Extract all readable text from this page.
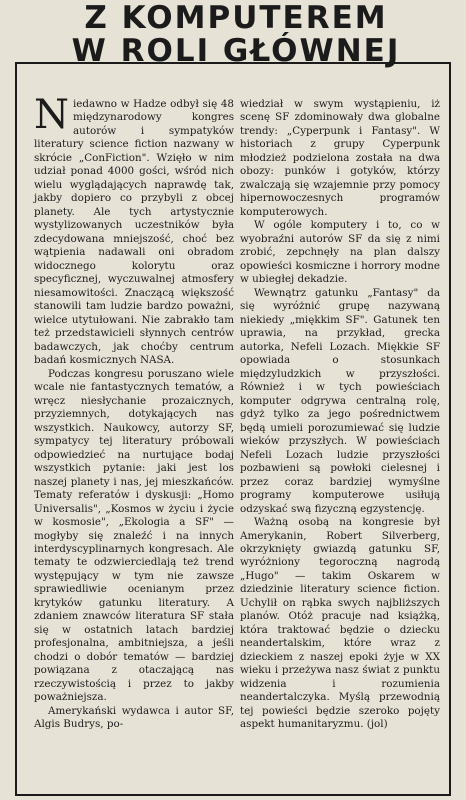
Z KOMPUTEREM
W ROLI GŁÓWNEJ

Niedawno w Hadze odbył się 48 międzynarodowy kongres autorów i sympatyków literatury science fiction nazwany w skrócie „ConFiction". Wzięło w nim udział ponad 4000 gości, wśród nich wielu wyglądających naprawdę tak, jakby dopiero co przybyli z obcej planety. Ale tych artystycznie wystylizowanych uczestników była zdecydowana mniejszość, choć bez wątpienia nadawali oni obradom widocznego kolorytu oraz specyficznej, wyczuwalnej atmosfery niesamowitości. Znaczącą większość stanowili tam ludzie bardzo poważni, wielce utytułowani. Nie zabrakło tam też przedstawicieli słynnych centrów badawczych, jak choćby centrum badań kosmicznych NASA.

Podczas kongresu poruszano wiele wcale nie fantastycznych tematów, a wręcz niesłychanie prozaicznych, przyziemnych, dotykających nas wszystkich. Naukowcy, autorzy SF, sympatycy tej literatury próbowali odpowiedzieć na nurtujące bodaj wszystkich pytanie: jaki jest los naszej planety i nas, jej mieszkańców. Tematy referatów i dyskusji: „Homo Universalis", „Kosmos w życiu i życie w kosmosie", „Ekologia a SF" — mogłyby się znaleźć i na innych interdyscyplinarnych kongresach. Ale tematy te odzwierciedlają też trend występujący w tym nie zawsze sprawiedliwie ocenianym przez krytyków gatunku literatury. A zdaniem znawców literatura SF stała się w ostatnich latach bardziej profesjonalna, ambitniejsza, a jeśli chodzi o dobór tematów — bardziej powiązana z otaczającą nas rzeczywistością i przez to jakby poważniejsza.

Amerykański wydawca i autor SF, Algis Budrys, po-

wiedział w swym wystąpieniu, iż scenę SF zdominowały dwa globalne trendy: „Cyperpunk i Fantasy". W historiach z grupy Cyperpunk młodzież podzielona została na dwa obozy: punków i gotyków, którzy zwalczają się wzajemnie przy pomocy hipernowoczesnych programów komputerowych.

W ogóle komputery i to, co w wyobraźni autorów SF da się z nimi zrobić, zepchnęły na plan dalszy opowieści kosmiczne i horrory modne w ubiegłej dekadzie.

Wewnątrz gatunku „Fantasy" da się wyróżnić grupę nazywaną niekiedy „miękkim SF". Gatunek ten uprawia, na przykład, grecka autorka, Nefeli Lozach. Miękkie SF opowiada o stosunkach międzyludzkich w przyszłości. Również i w tych powieściach komputer odgrywa centralną rolę, gdyż tylko za jego pośrednictwem będą umieli porozumiewać się ludzie wieków przyszłych. W powieściach Nefeli Lozach ludzie przyszłości pozbawieni są powłoki cielesnej i przez coraz bardziej wymyślne programy komputerowe usiłują odzyskać swą fizyczną egzystencję.

Ważną osobą na kongresie był Amerykanin, Robert Silverberg, okrzyknięty gwiazdą gatunku SF, wyróżniony tegoroczną nagrodą „Hugo" — takim Oskarem w dziedzinie literatury science fiction. Uchylił on rąbka swych najbliższych planów. Otóż pracuje nad książką, która traktować będzie o dziecku neandertalskim, które wraz z dzieckiem z naszej epoki żyje w XX wieku i przeżywa nasz świat z punktu widzenia i rozumienia neandertalczyka. Myślą przewodnią tej powieści będzie szeroko pojęty aspekt humanitaryzmu. (jol)
